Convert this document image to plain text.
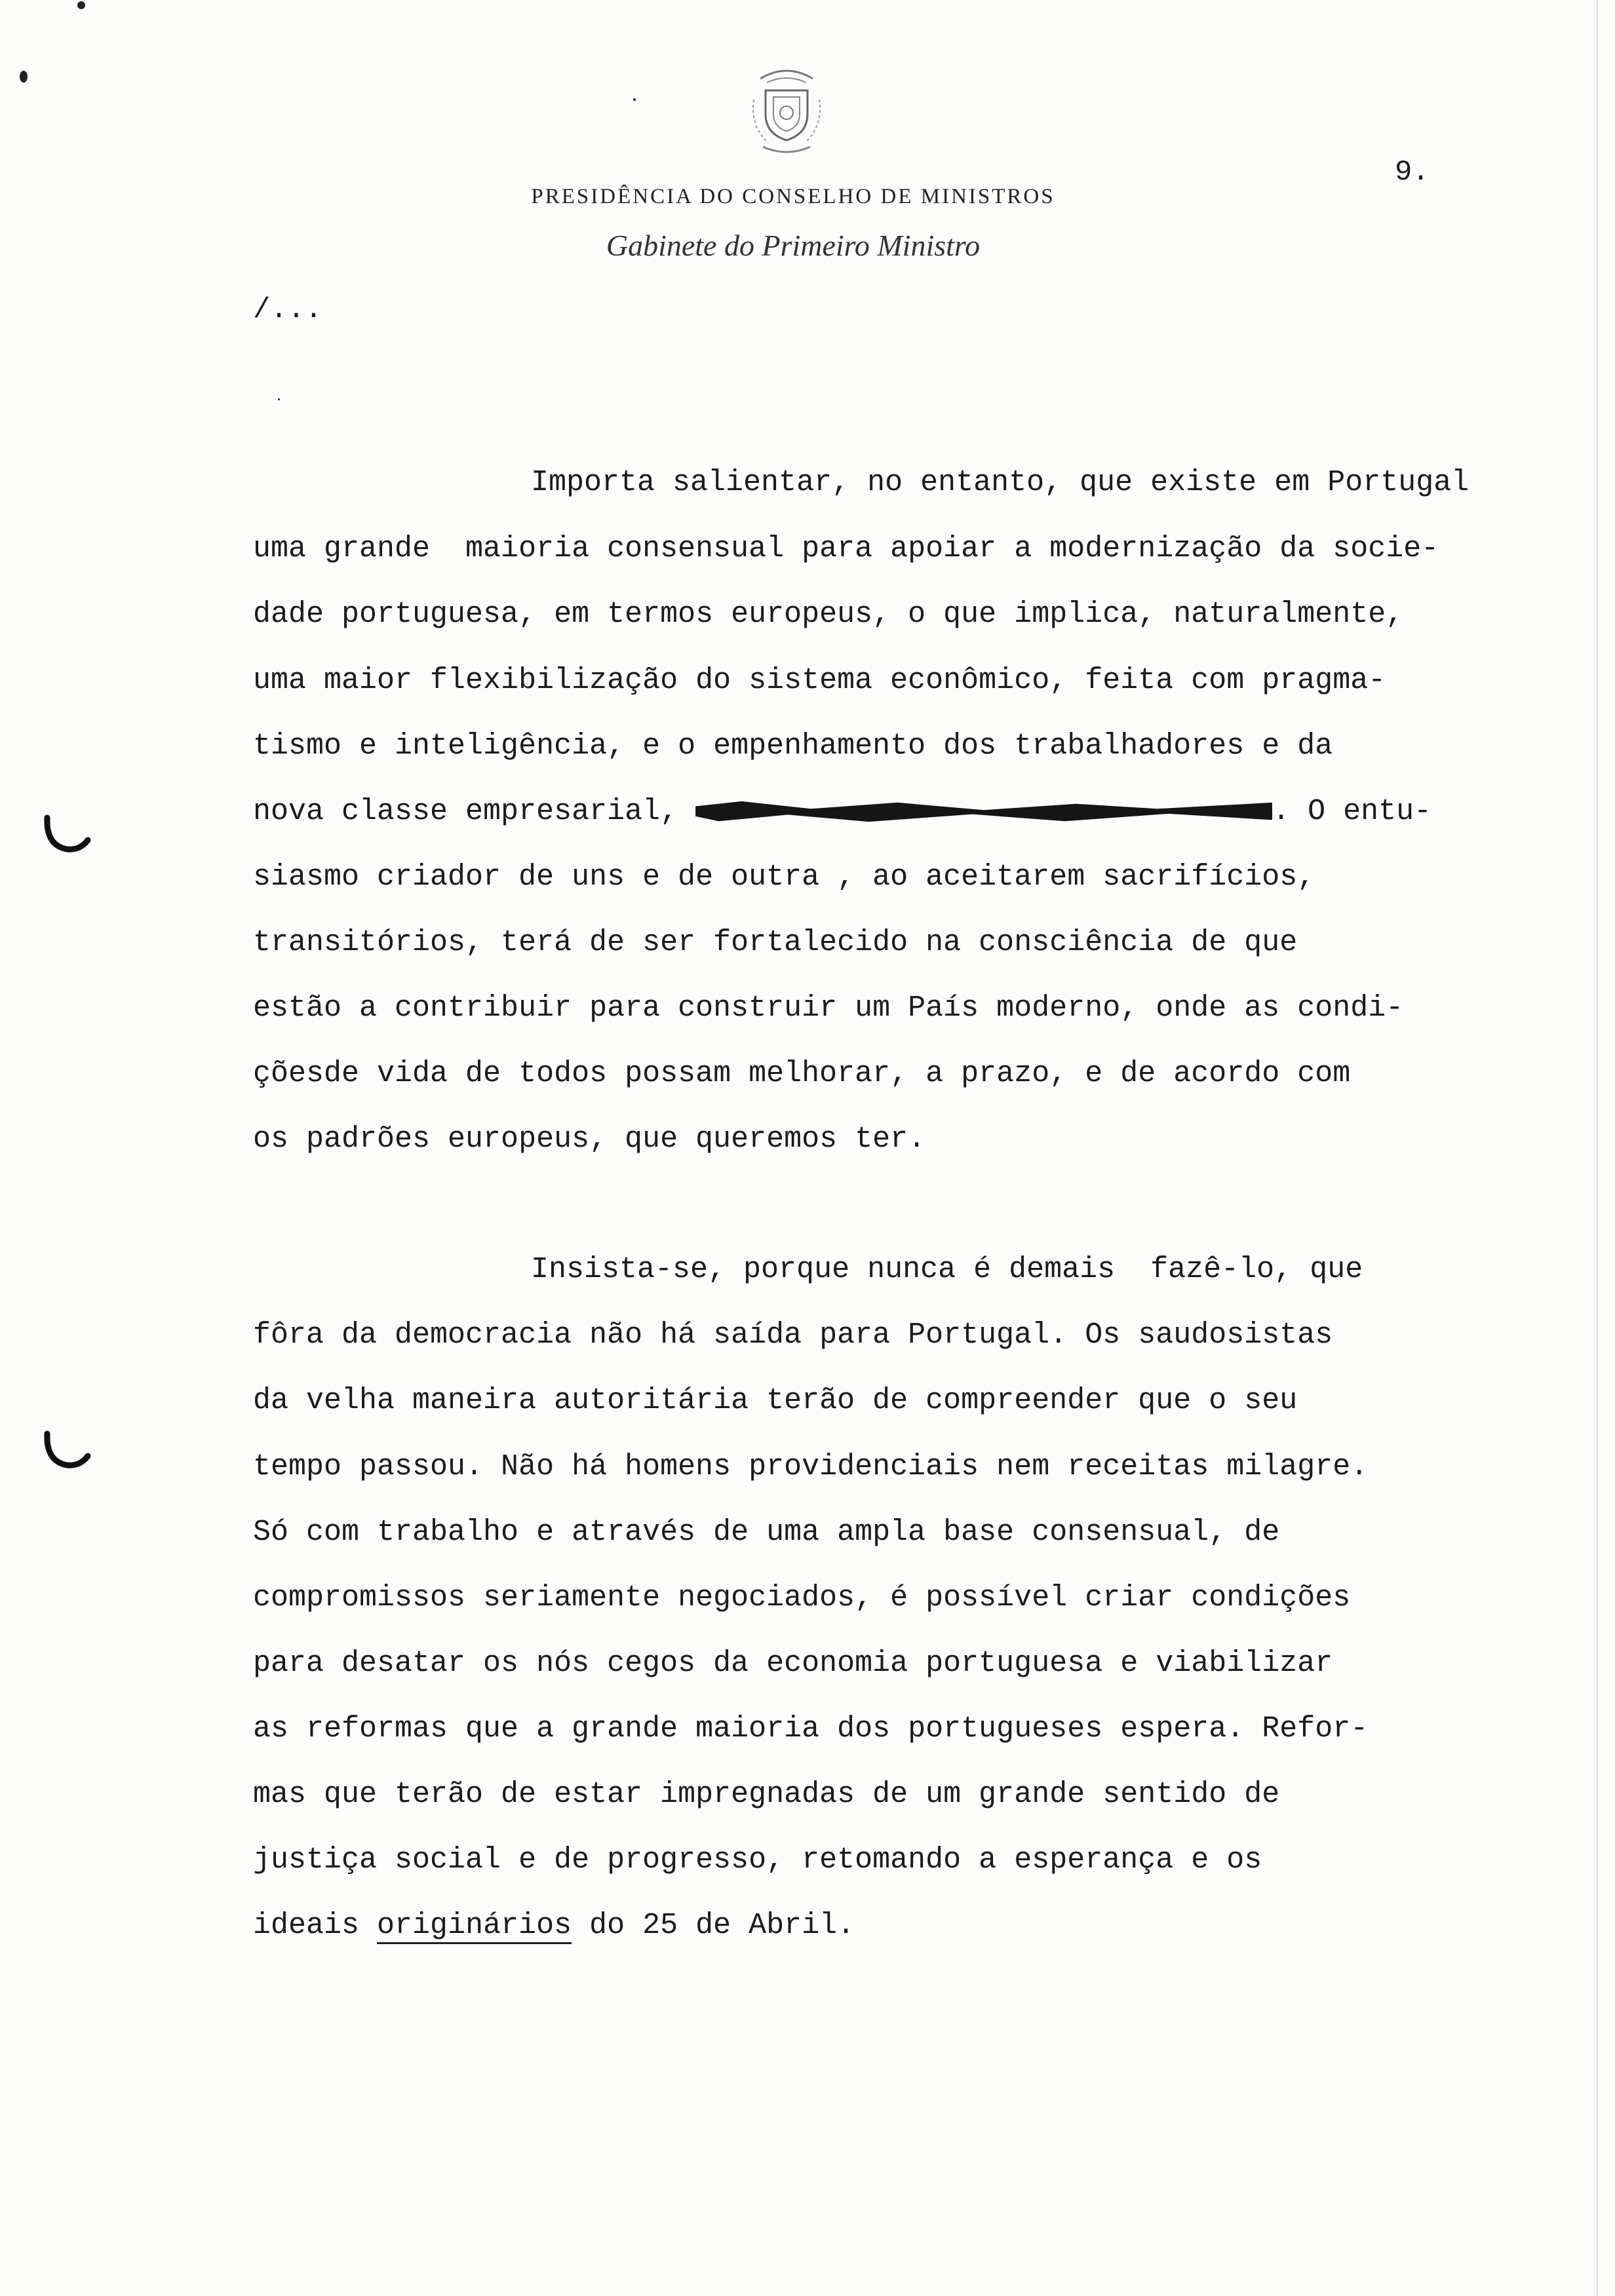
PRESIDÊNCIA DO CONSELHO DE MINISTROS
Gabinete do Primeiro Ministro
9.
/...
Importa salientar, no entanto, que existe em Portugal
uma grande  maioria consensual para apoiar a modernização da socie-
dade portuguesa, em termos europeus, o que implica, naturalmente,
uma maior flexibilização do sistema econômico, feita com pragma-
tismo e inteligência, e o empenhamento dos trabalhadores e da
nova classe empresarial,	. O entu-
siasmo criador de uns e de outra , ao aceitarem sacrifícios,
transitórios, terá de ser fortalecido na consciência de que
estão a contribuir para construir um País moderno, onde as condi-
çõesde vida de todos possam melhorar, a prazo, e de acordo com
os padrões europeus, que queremos ter.
Insista-se, porque nunca é demais  fazê-lo, que
fôra da democracia não há saída para Portugal. Os saudosistas
da velha maneira autoritária terão de compreender que o seu
tempo passou. Não há homens providenciais nem receitas milagre.
Só com trabalho e através de uma ampla base consensual, de
compromissos seriamente negociados, é possível criar condições
para desatar os nós cegos da economia portuguesa e viabilizar
as reformas que a grande maioria dos portugueses espera. Refor-
mas que terão de estar impregnadas de um grande sentido de
justiça social e de progresso, retomando a esperança e os
ideais originários do 25 de Abril.
